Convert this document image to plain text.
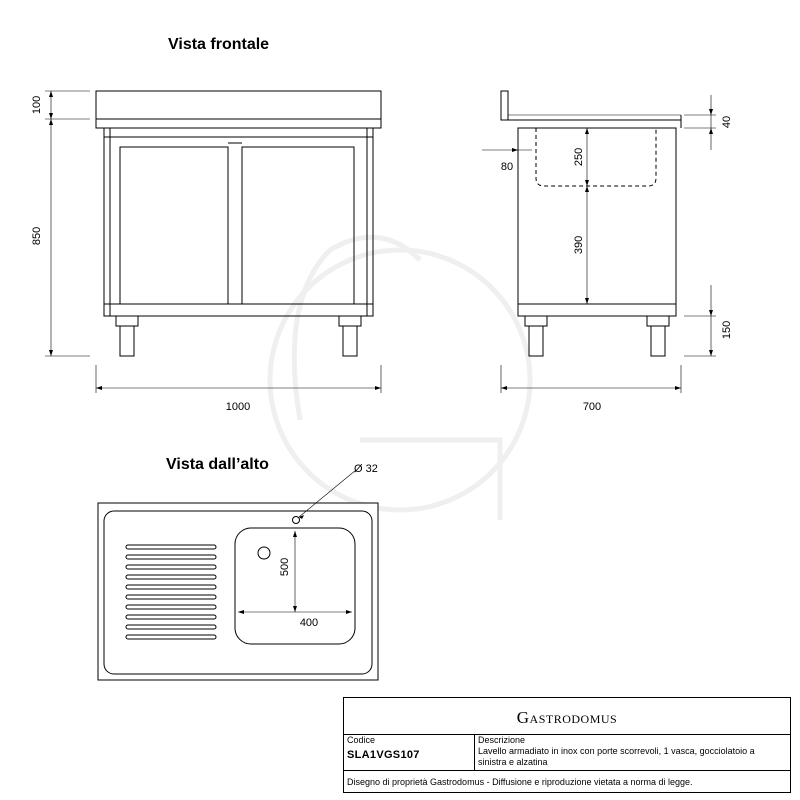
Vista frontale
Vista dall’alto
100
850
1000
250
390
40
150
80
700
500
400
Ø 32
Gastrodomus
Codice
SLA1VGS107
Descrizione
Lavello armadiato in inox con porte scorrevoli, 1 vasca, gocciolatoio a sinistra e alzatina
Disegno di proprietà Gastrodomus - Diffusione e riproduzione vietata a norma di legge.
